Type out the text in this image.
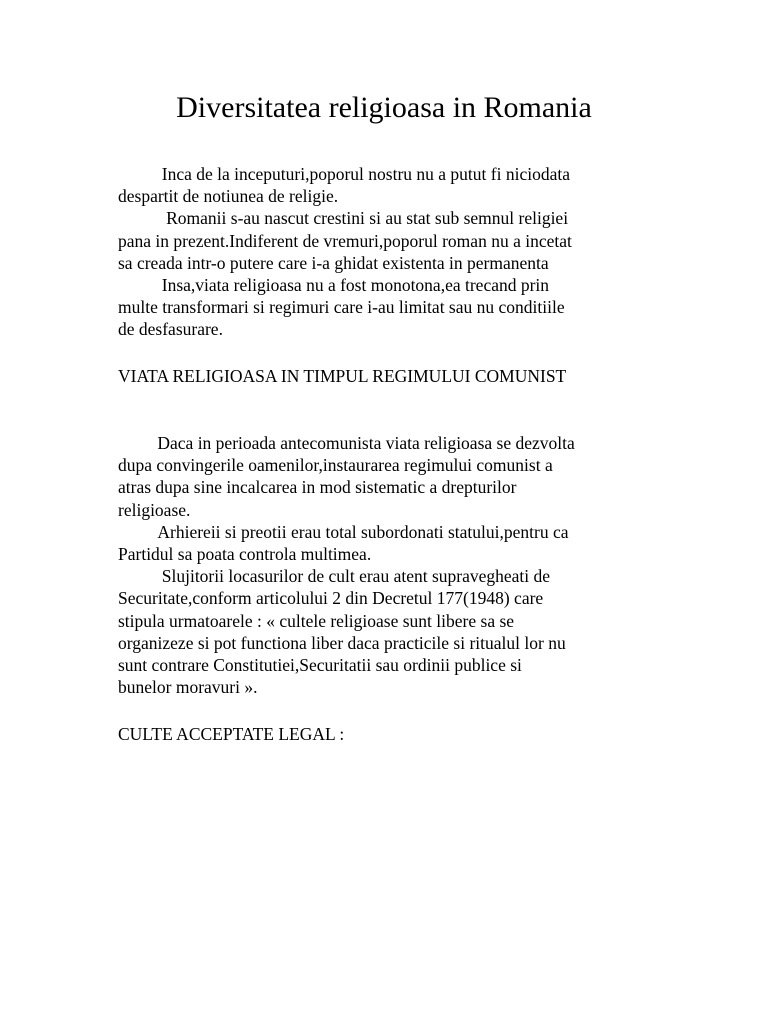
Diversitatea religioasa in Romania

Inca de la inceputuri,poporul nostru nu a putut fi niciodata
despartit de notiunea de religie.

Romanii s-au nascut crestini si au stat sub semnul religiei
pana in prezent.Indiferent de vremuri,poporul roman nu a incetat
sa creada intr-o putere care i-a ghidat existenta in permanenta

Insa,viata religioasa nu a fost monotona,ea trecand prin
multe transformari si regimuri care i-au limitat sau nu conditiile
de desfasurare.

VIATA RELIGIOASA IN TIMPUL REGIMULUI COMUNIST

Daca in perioada antecomunista viata religioasa se dezvolta
dupa convingerile oamenilor,instaurarea regimului comunist a
atras dupa sine incalcarea in mod sistematic a drepturilor
religioase.

Arhiereii si preotii erau total subordonati statului,pentru ca
Partidul sa poata controla multimea.

Slujitorii locasurilor de cult erau atent supravegheati de
Securitate,conform articolului 2 din Decretul 177(1948) care
stipula urmatoarele : « cultele religioase sunt libere sa se
organizeze si pot functiona liber daca practicile si ritualul lor nu
sunt contrare Constitutiei,Securitatii sau ordinii publice si
bunelor moravuri ».

CULTE ACCEPTATE LEGAL :
